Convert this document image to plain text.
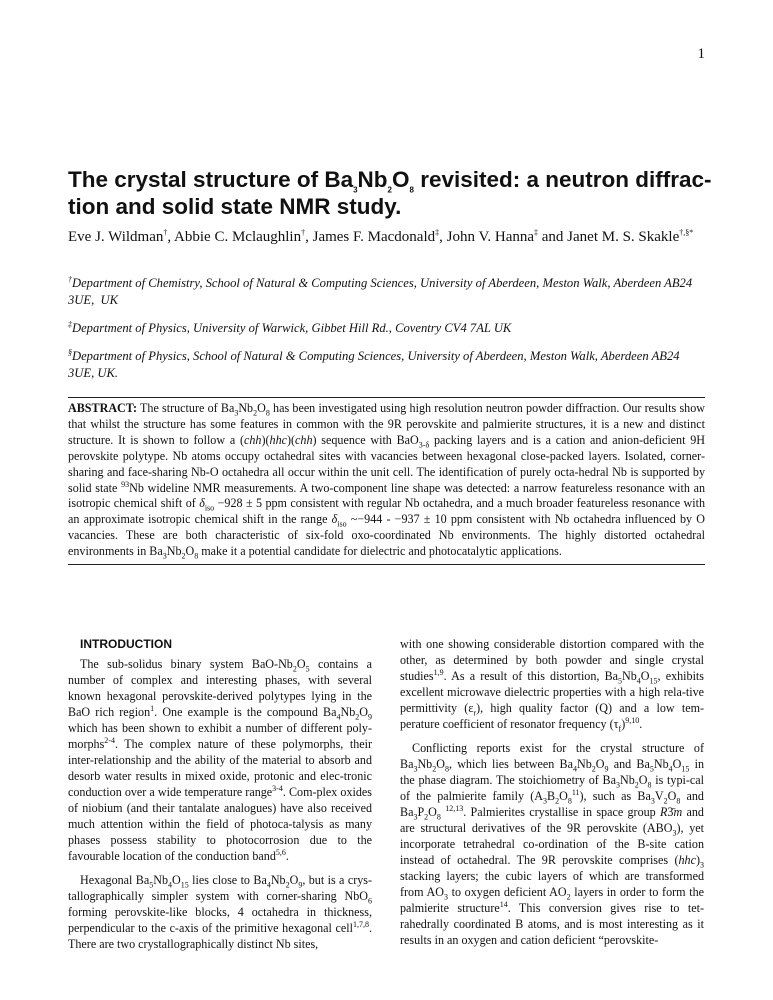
1
The crystal structure of $Ba_3Nb_2O_8$ revisited: a neutron diffrac-tion and solid state NMR study.
Eve J. Wildman†, Abbie C. Mclaughlin†, James F. Macdonald‡, John V. Hanna‡ and Janet M. S. Skakle†,§*
†Department of Chemistry, School of Natural & Computing Sciences, University of Aberdeen, Meston Walk, Aberdeen AB24 3UE,  UK
‡Department of Physics, University of Warwick, Gibbet Hill Rd., Coventry CV4 7AL UK
§Department of Physics, School of Natural & Computing Sciences, University of Aberdeen, Meston Walk, Aberdeen AB24 3UE, UK.
ABSTRACT: The structure of $Ba_3Nb_2O_8$ has been investigated using high resolution neutron powder diffraction. Our results show that whilst the structure has some features in common with the 9R perovskite and palmierite structures, it is a new and distinct structure. It is shown to follow a (chh)(hhc)(chh) sequence with BaO$_{3-\delta}$ packing layers and is a cation and anion-deficient 9H perovskite polytype. Nb atoms occupy octahedral sites with vacancies between hexagonal close-packed layers. Isolated, corner-sharing and face-sharing Nb-O octahedra all occur within the unit cell. The identification of purely octa-hedral Nb is supported by solid state $^{93}$Nb wideline NMR measurements. A two-component line shape was detected: a narrow featureless resonance with an isotropic chemical shift of $\delta_{iso} -928 \pm 5$ ppm consistent with regular Nb octahedra, and a much broader featureless resonance with an approximate isotropic chemical shift in the range $\delta_{iso}$ ~−944 - −937 ± 10 ppm consistent with Nb octahedra influenced by O vacancies. These are both characteristic of six-fold oxo-coordinated Nb environments. The highly distorted octahedral environments in $Ba_3Nb_2O_8$ make it a potential candidate for dielectric and photocatalytic applications.
INTRODUCTION

The sub-solidus binary system BaO-$Nb_2O_5$ contains a number of complex and interesting phases, with several known hexagonal perovskite-derived polytypes lying in the BaO rich region$^1$. One example is the compound $Ba_4Nb_2O_9$ which has been shown to exhibit a number of different poly-morphs$^{2-4}$. The complex nature of these polymorphs, their inter-relationship and the ability of the material to absorb and desorb water results in mixed oxide, protonic and elec-tronic conduction over a wide temperature range$^{3-4}$. Com-plex oxides of niobium (and their tantalate analogues) have also received much attention within the field of photoca-talysis as many phases possess stability to photocorrosion due to the favourable location of the conduction band$^{5,6}$.

Hexagonal $Ba_5Nb_4O_{15}$ lies close to $Ba_4Nb_2O_9$, but is a crys-tallographically simpler system with corner-sharing NbO$_6$ forming perovskite-like blocks, 4 octahedra in thickness, perpendicular to the c-axis of the primitive hexagonal cell$^{1,7,8}$. There are two crystallographically distinct Nb sites,

with one showing considerable distortion compared with the other, as determined by both powder and single crystal studies$^{1,9}$. As a result of this distortion, $Ba_5Nb_4O_{15}$, exhibits excellent microwave dielectric properties with a high rela-tive permittivity $(\varepsilon_r)$, high quality factor (Q) and a low tem-perature coefficient of resonator frequency $(\tau_f)^{9,10}$.

Conflicting reports exist for the crystal structure of $Ba_3Nb_2O_8$, which lies between $Ba_4Nb_2O_9$ and $Ba_5Nb_4O_{15}$ in the phase diagram. The stoichiometry of $Ba_3Nb_2O_8$ is typi-cal of the palmierite family $(A_3B_2O_8^{11})$, such as $Ba_3V_2O_8$ and $Ba_3P_2O_8$ $^{12,13}$. Palmierites crystallise in space group R3̄m and are structural derivatives of the 9R perovskite $(ABO_3)$, yet incorporate tetrahedral co-ordination of the B-site cation instead of octahedral. The 9R perovskite comprises $(hhc)_3$ stacking layers; the cubic layers of which are transformed from $AO_3$ to oxygen deficient $AO_2$ layers in order to form the palmierite structure$^{14}$. This conversion gives rise to tet-rahedrally coordinated B atoms, and is most interesting as it results in an oxygen and cation deficient “perovskite-
